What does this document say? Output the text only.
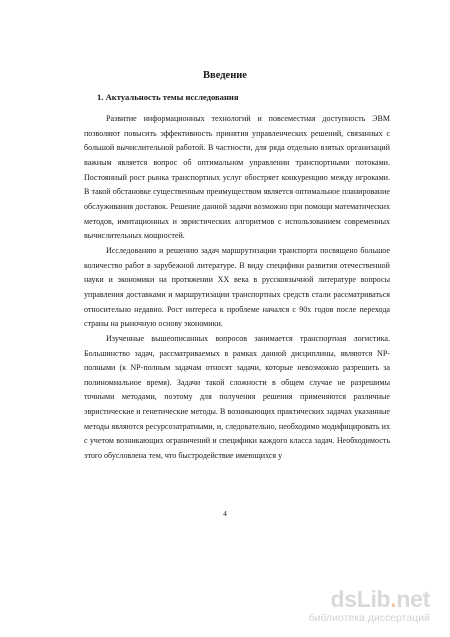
Введение
1. Актуальность темы исследования

Развитие информационных технологий и повсеместная доступность ЭВМ позволяют повысить эффективность принятия управленческих решений, связанных с большой вычислительной работой. В частности, для ряда отдельно взятых организаций важным является вопрос об оптимальном управлении транспортными потоками. Постоянный рост рынка транспортных услуг обостряет конкуренцию между игроками. В такой обстановке существенным преимуществом является оптимальное планирование обслуживания доставок. Решение данной задачи возможно при помощи математических методов, имитационных и эвристических алгоритмов с использованием современных вычислительных мощностей.

Исследованию и решению задач маршрутизации транспорта посвящено большое количество работ в зарубежной литературе. В виду специфики развития отечественной науки и экономики на протяжении XX века в русскоязычной литературе вопросы управления доставками и маршрутизации транспортных средств стали рассматриваться относительно недавно. Рост интереса к проблеме начался с 90х годов после перехода страны на рыночную основу экономики.

Изученные вышеописанных вопросов занимается транспортная логистика. Большинство задач, рассматриваемых в рамках данной дисциплины, являются NP-полными (к NP-полным задачам относят задачи, которые невозможно разрешить за полиномиальное время). Задачи такой сложности в общем случае не разрешимы точными методами, поэтому для получения решения применяются различные эвристические и генетические методы. В возникающих практических задачах указанные методы являются ресурсозатратными, и, следовательно, необходимо модифицировать их с учетом возникающих ограничений и специфики каждого класса задач. Необходимость этого обусловлена тем, что быстродействие имеющихся у

4
dsLib.net
библиотека диссертаций
